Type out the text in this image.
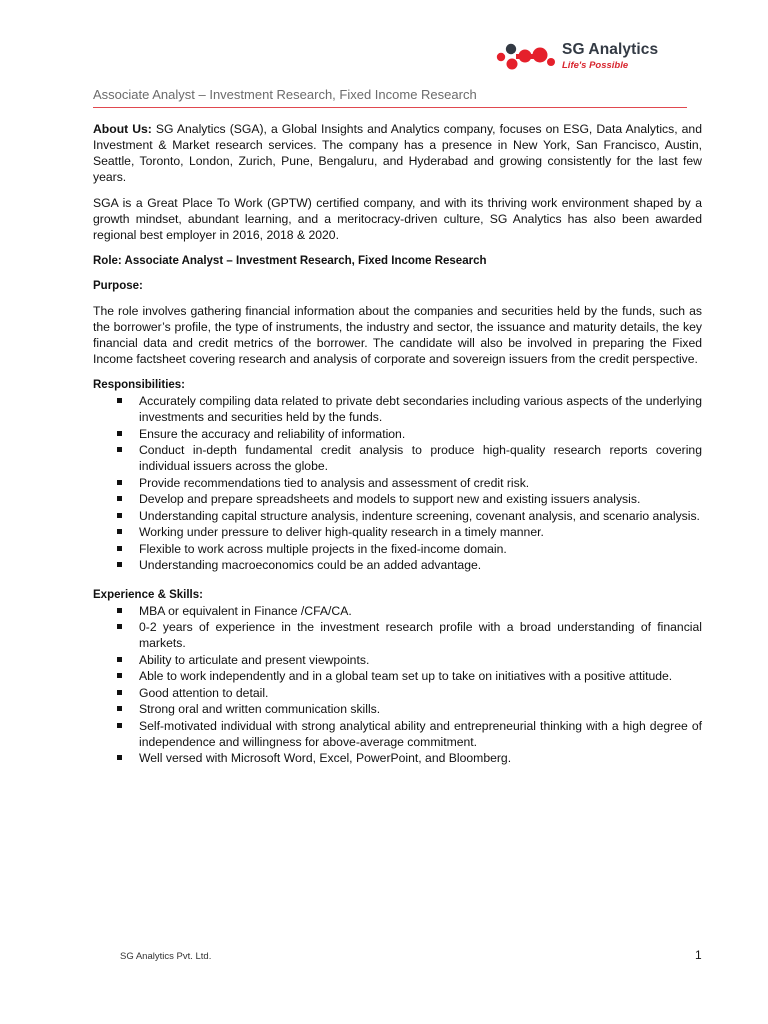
SG Analytics
Life's Possible
Associate Analyst – Investment Research, Fixed Income Research

About Us: SG Analytics (SGA), a Global Insights and Analytics company, focuses on ESG, Data Analytics, and Investment & Market research services. The company has a presence in New York, San Francisco, Austin, Seattle, Toronto, London, Zurich, Pune, Bengaluru, and Hyderabad and growing consistently for the last few years.

SGA is a Great Place To Work (GPTW) certified company, and with its thriving work environment shaped by a growth mindset, abundant learning, and a meritocracy-driven culture, SG Analytics has also been awarded regional best employer in 2016, 2018 & 2020.

Role: Associate Analyst – Investment Research, Fixed Income Research

Purpose:

The role involves gathering financial information about the companies and securities held by the funds, such as the borrower’s profile, the type of instruments, the industry and sector, the issuance and maturity details, the key financial data and credit metrics of the borrower. The candidate will also be involved in preparing the Fixed Income factsheet covering research and analysis of corporate and sovereign issuers from the credit perspective.

Responsibilities:

Accurately compiling data related to private debt secondaries including various aspects of the underlying investments and securities held by the funds.
Ensure the accuracy and reliability of information.
Conduct in-depth fundamental credit analysis to produce high-quality research reports covering individual issuers across the globe.
Provide recommendations tied to analysis and assessment of credit risk.
Develop and prepare spreadsheets and models to support new and existing issuers analysis.
Understanding capital structure analysis, indenture screening, covenant analysis, and scenario analysis.
Working under pressure to deliver high-quality research in a timely manner.
Flexible to work across multiple projects in the fixed-income domain.
Understanding macroeconomics could be an added advantage.

Experience & Skills:

MBA or equivalent in Finance /CFA/CA.
0-2 years of experience in the investment research profile with a broad understanding of financial markets.
Ability to articulate and present viewpoints.
Able to work independently and in a global team set up to take on initiatives with a positive attitude.
Good attention to detail.
Strong oral and written communication skills.
Self-motivated individual with strong analytical ability and entrepreneurial thinking with a high degree of independence and willingness for above-average commitment.
Well versed with Microsoft Word, Excel, PowerPoint, and Bloomberg.
SG Analytics Pvt. Ltd.	1
